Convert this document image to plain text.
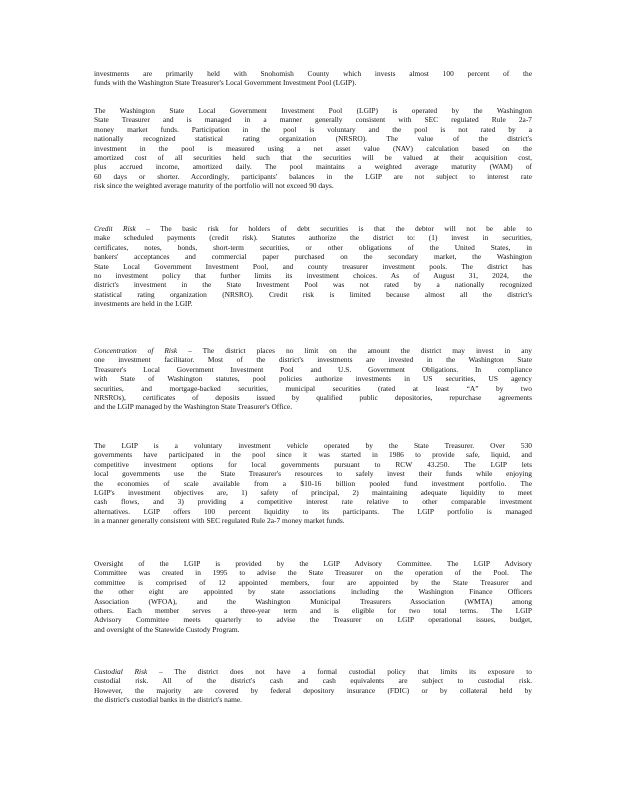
investments are primarily held with Snohomish County which invests almost 100 percent of the
funds with the Washington State Treasurer's Local Government Investment Pool (LGIP).
The Washington State Local Government Investment Pool (LGIP) is operated by the Washington
State Treasurer and is managed in a manner generally consistent with SEC regulated Rule 2a-7
money market funds. Participation in the pool is voluntary and the pool is not rated by a
nationally recognized statistical rating organization (NRSRO). The value of the district's
investment in the pool is measured using a net asset value (NAV) calculation based on the
amortized cost of all securities held such that the securities will be valued at their acquisition cost,
plus accrued income, amortized daily. The pool maintains a weighted average maturity (WAM) of
60 days or shorter. Accordingly, participants' balances in the LGIP are not subject to interest rate
risk since the weighted average maturity of the portfolio will not exceed 90 days.
Credit Risk – The basic risk for holders of debt securities is that the debtor will not be able to
make scheduled payments (credit risk). Statutes authorize the district to: (1) invest in securities,
certificates, notes, bonds, short-term securities, or other obligations of the United States, in
bankers' acceptances and commercial paper purchased on the secondary market, the Washington
State Local Government Investment Pool, and county treasurer investment pools. The district has
no investment policy that further limits its investment choices. As of August 31, 2024, the
district's investment in the State Investment Pool was not rated by a nationally recognized
statistical rating organization (NRSRO). Credit risk is limited because almost all the district's
investments are held in the LGIP.
Concentration of Risk – The district places no limit on the amount the district may invest in any
one investment facilitator. Most of the district's investments are invested in the Washington State
Treasurer's Local Government Investment Pool and U.S. Government Obligations. In compliance
with State of Washington statutes, pool policies authorize investments in US securities, US agency
securities, and mortgage-backed securities, municipal securities (rated at least “A” by two
NRSROs), certificates of deposits issued by qualified public depositories, repurchase agreements
and the LGIP managed by the Washington State Treasurer's Office.
The LGIP is a voluntary investment vehicle operated by the State Treasurer. Over 530
governments have participated in the pool since it was started in 1986 to provide safe, liquid, and
competitive investment options for local governments pursuant to RCW 43.250. The LGIP lets
local governments use the State Treasurer's resources to safely invest their funds while enjoying
the economies of scale available from a $10-16 billion pooled fund investment portfolio. The
LGIP's investment objectives are, 1) safety of principal, 2) maintaining adequate liquidity to meet
cash flows, and 3) providing a competitive interest rate relative to other comparable investment
alternatives. LGIP offers 100 percent liquidity to its participants. The LGIP portfolio is managed
in a manner generally consistent with SEC regulated Rule 2a-7 money market funds.
Oversight of the LGIP is provided by the LGIP Advisory Committee. The LGIP Advisory
Committee was created in 1995 to advise the State Treasurer on the operation of the Pool. The
committee is comprised of 12 appointed members, four are appointed by the State Treasurer and
the other eight are appointed by state associations including the Washington Finance Officers
Association (WFOA), and the Washington Municipal Treasurers Association (WMTA) among
others. Each member serves a three-year term and is eligible for two total terms. The LGIP
Advisory Committee meets quarterly to advise the Treasurer on LGIP operational issues, budget,
and oversight of the Statewide Custody Program.
Custodial Risk – The district does not have a formal custodial policy that limits its exposure to
custodial risk. All of the district's cash and cash equivalents are subject to custodial risk.
However, the majority are covered by federal depository insurance (FDIC) or by collateral held by
the district's custodial banks in the district's name.
